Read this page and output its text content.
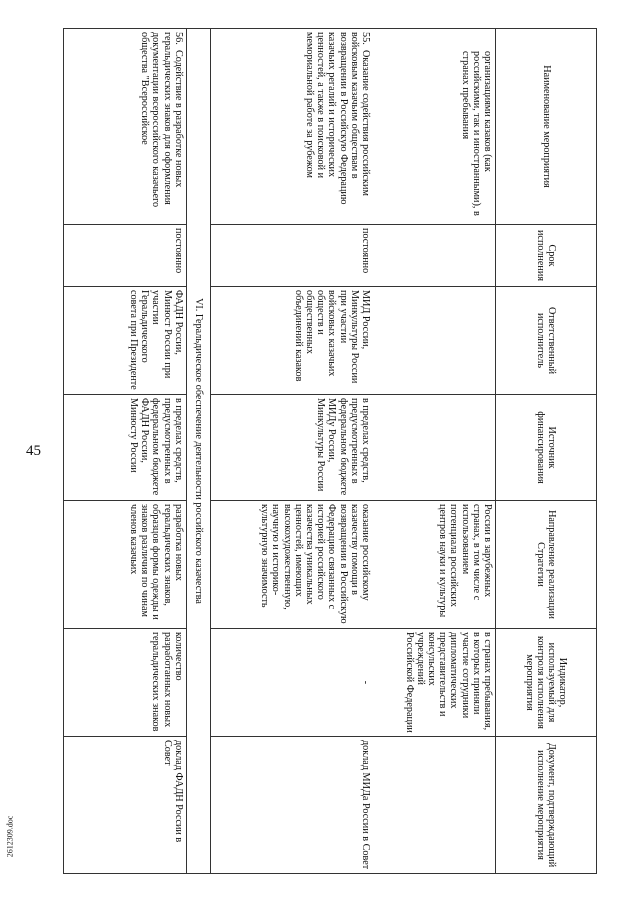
45
2612309.doc
Наименование мероприятия	Срок исполнения	Ответственный исполнитель	Источник финансирования	Направление реализации Стратегии	Индикатор, используемый для контроля исполнения мероприятия	Документ, подтверждающий исполнение мероприятия
организациями казаков (как российскими, так и иностранными), в странах пребывания				России в зарубежных странах, в том числе с использованием потенциала российских центров науки и культуры	в странах пребывания, в которых приняли участие сотрудники дипломатических представительств и консульских учреждений Российской Федерации	
55.Оказание содействия российским войсковым казачьим обществам в возвращении в Российскую Федерацию казачьих регалий и исторических ценностей, а также в поисковой и мемориальной работе за рубежом	постоянно	МИД России, Минкультуры России при участии войсковых казачьих обществ и общественных объединений казаков	в пределах средств, предусмотренных в федеральном бюджете МИДу России, Минкультуры России	оказание российскому казачеству помощи в возвращении в Российскую Федерацию связанных с историей российского казачества уникальных ценностей, имеющих высокохудожественную, научную и историко-культурную значимость	-	доклад МИДа России в Совет
VI. Геральдическое обеспечение деятельности российского казачества						
56.Содействие в разработке новых геральдических знаков для оформления документации всероссийского казачьего общества "Всероссийское	постоянно	ФАДН России, Минюст России при участии Геральдического совета при Президенте	в пределах средств, предусмотренных в федеральном бюджете ФАДН России, Минюсту России	разработка новых геральдических знаков, образцов формы одежды и знаков различия по чинам членов казачьих	количество разработанных новых геральдических знаков	доклад ФАДН России в Совет
